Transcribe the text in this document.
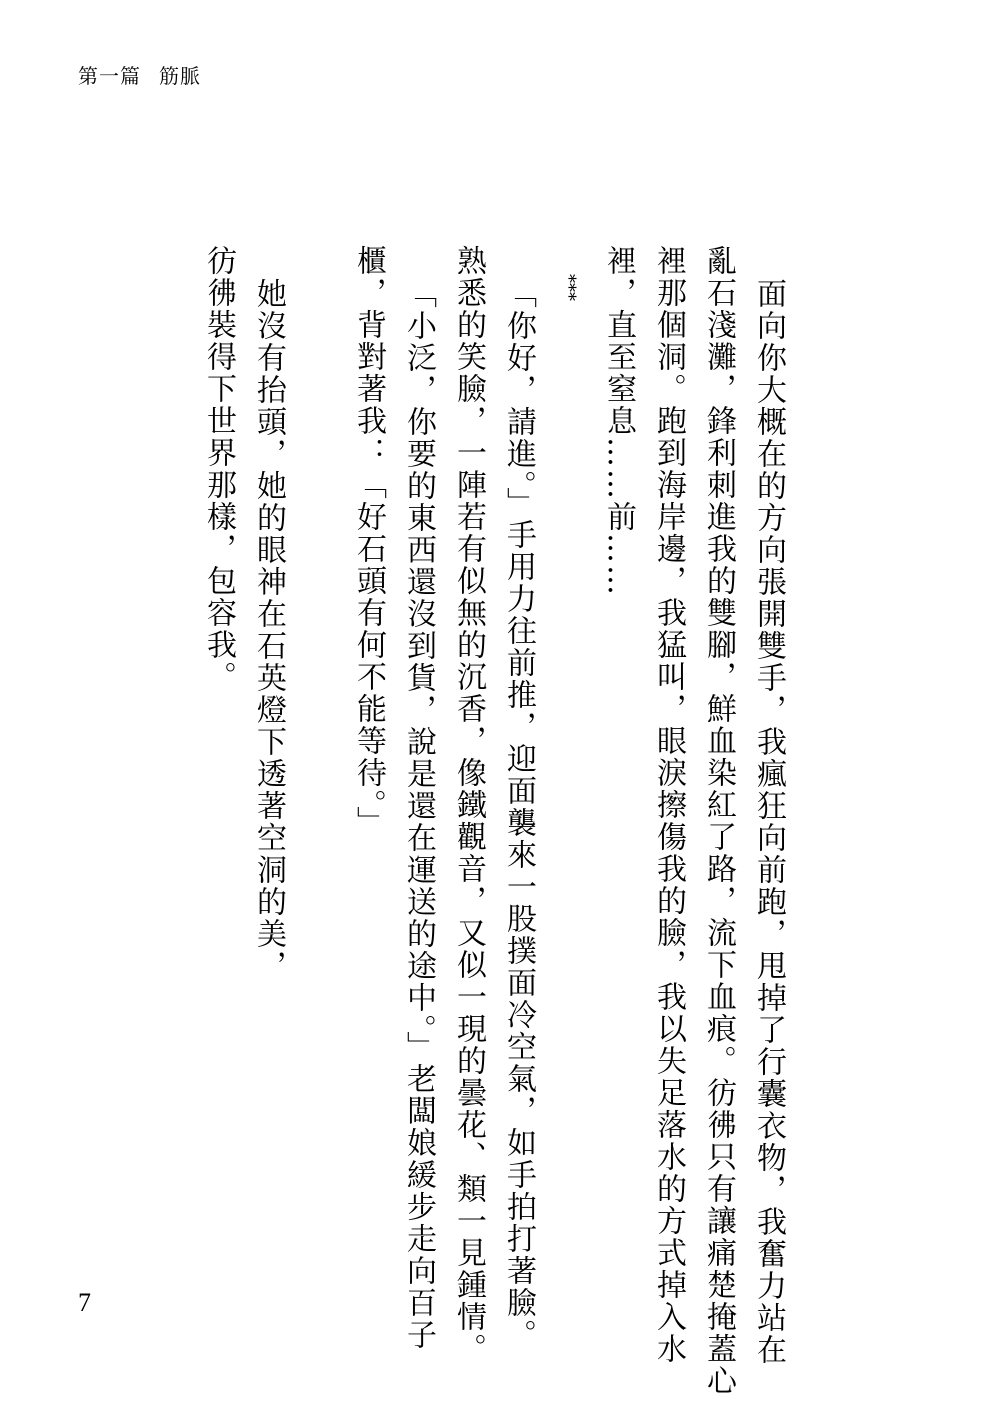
第一篇 筋脈

面向你大概在的方向張開雙手，我瘋狂向前跑，甩掉了行囊衣物，我奮力站在

亂石淺灘，鋒利刺進我的雙腳，鮮血染紅了路，流下血痕。彷彿只有讓痛楚掩蓋心

裡那個洞。跑到海岸邊，我猛叫，眼淚擦傷我的臉，我以失足落水的方式掉入水

裡，直至窒息……前……

***

「你好，請進。」手用力往前推，迎面襲來一股撲面冷空氣，如手拍打著臉。

熟悉的笑臉，一陣若有似無的沉香，像鐵觀音，又似一現的曇花、類一見鍾情。

「小泛，你要的東西還沒到貨，說是還在運送的途中。」老闆娘緩步走向百子

櫃，背對著我：「好石頭有何不能等待。」

她沒有抬頭，她的眼神在石英燈下透著空洞的美，

彷彿裝得下世界那樣，包容我。

7
